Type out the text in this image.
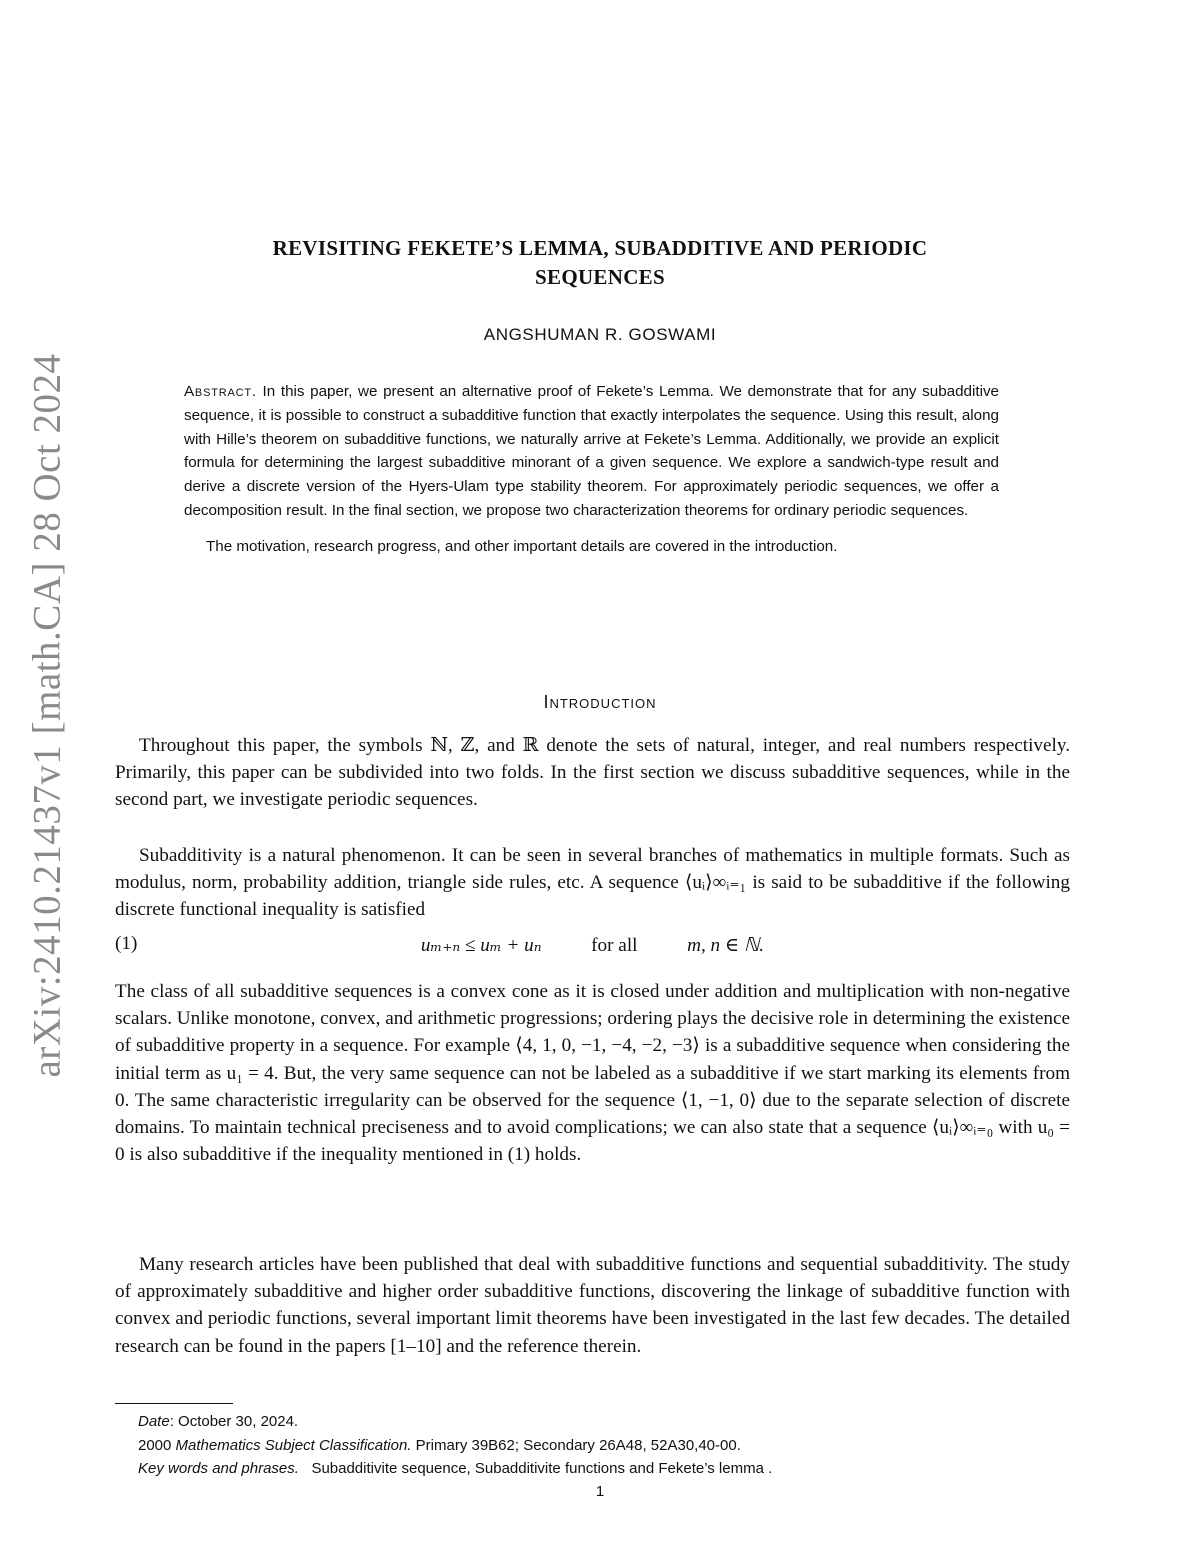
arXiv:2410.21437v1 [math.CA] 28 Oct 2024
REVISITING FEKETE’S LEMMA, SUBADDITIVE AND PERIODIC
SEQUENCES
ANGSHUMAN R. GOSWAMI

Abstract. In this paper, we present an alternative proof of Fekete’s Lemma. We demonstrate that for any subadditive sequence, it is possible to construct a subadditive function that exactly interpolates the sequence. Using this result, along with Hille’s theorem on subadditive functions, we naturally arrive at Fekete’s Lemma. Additionally, we provide an explicit formula for determining the largest subadditive minorant of a given sequence. We explore a sandwich-type result and derive a discrete version of the Hyers-Ulam type stability theorem. For approximately periodic sequences, we offer a decomposition result. In the final section, we propose two characterization theorems for ordinary periodic sequences.

The motivation, research progress, and other important details are covered in the introduction.

Introduction

Throughout this paper, the symbols ℕ, ℤ, and ℝ denote the sets of natural, integer, and real numbers respectively. Primarily, this paper can be subdivided into two folds. In the first section we discuss subadditive sequences, while in the second part, we investigate periodic sequences.

Subadditivity is a natural phenomenon. It can be seen in several branches of mathematics in multiple formats. Such as modulus, norm, probability addition, triangle side rules, etc. A sequence ⟨uᵢ⟩∞ᵢ₌₁ is said to be subadditive if the following discrete functional inequality is satisfied

(1)	uₘ₊ₙ ≤ uₘ + uₙ	for all	m, n ∈ ℕ.

The class of all subadditive sequences is a convex cone as it is closed under addition and multiplication with non-negative scalars. Unlike monotone, convex, and arithmetic progressions; ordering plays the decisive role in determining the existence of subadditive property in a sequence. For example ⟨4, 1, 0, −1, −4, −2, −3⟩ is a subadditive sequence when considering the initial term as u₁ = 4. But, the very same sequence can not be labeled as a subadditive if we start marking its elements from 0. The same characteristic irregularity can be observed for the sequence ⟨1, −1, 0⟩ due to the separate selection of discrete domains. To maintain technical preciseness and to avoid complications; we can also state that a sequence ⟨uᵢ⟩∞ᵢ₌₀ with u₀ = 0 is also subadditive if the inequality mentioned in (1) holds.

Many research articles have been published that deal with subadditive functions and sequential subadditivity. The study of approximately subadditive and higher order subadditive functions, discovering the linkage of subadditive function with convex and periodic functions, several important limit theorems have been investigated in the last few decades. The detailed research can be found in the papers [1–10] and the reference therein.

Date: October 30, 2024.
2000 Mathematics Subject Classification. Primary 39B62; Secondary 26A48, 52A30,40-00.
Key words and phrases. Subadditivite sequence, Subadditivite functions and Fekete’s lemma .
1
